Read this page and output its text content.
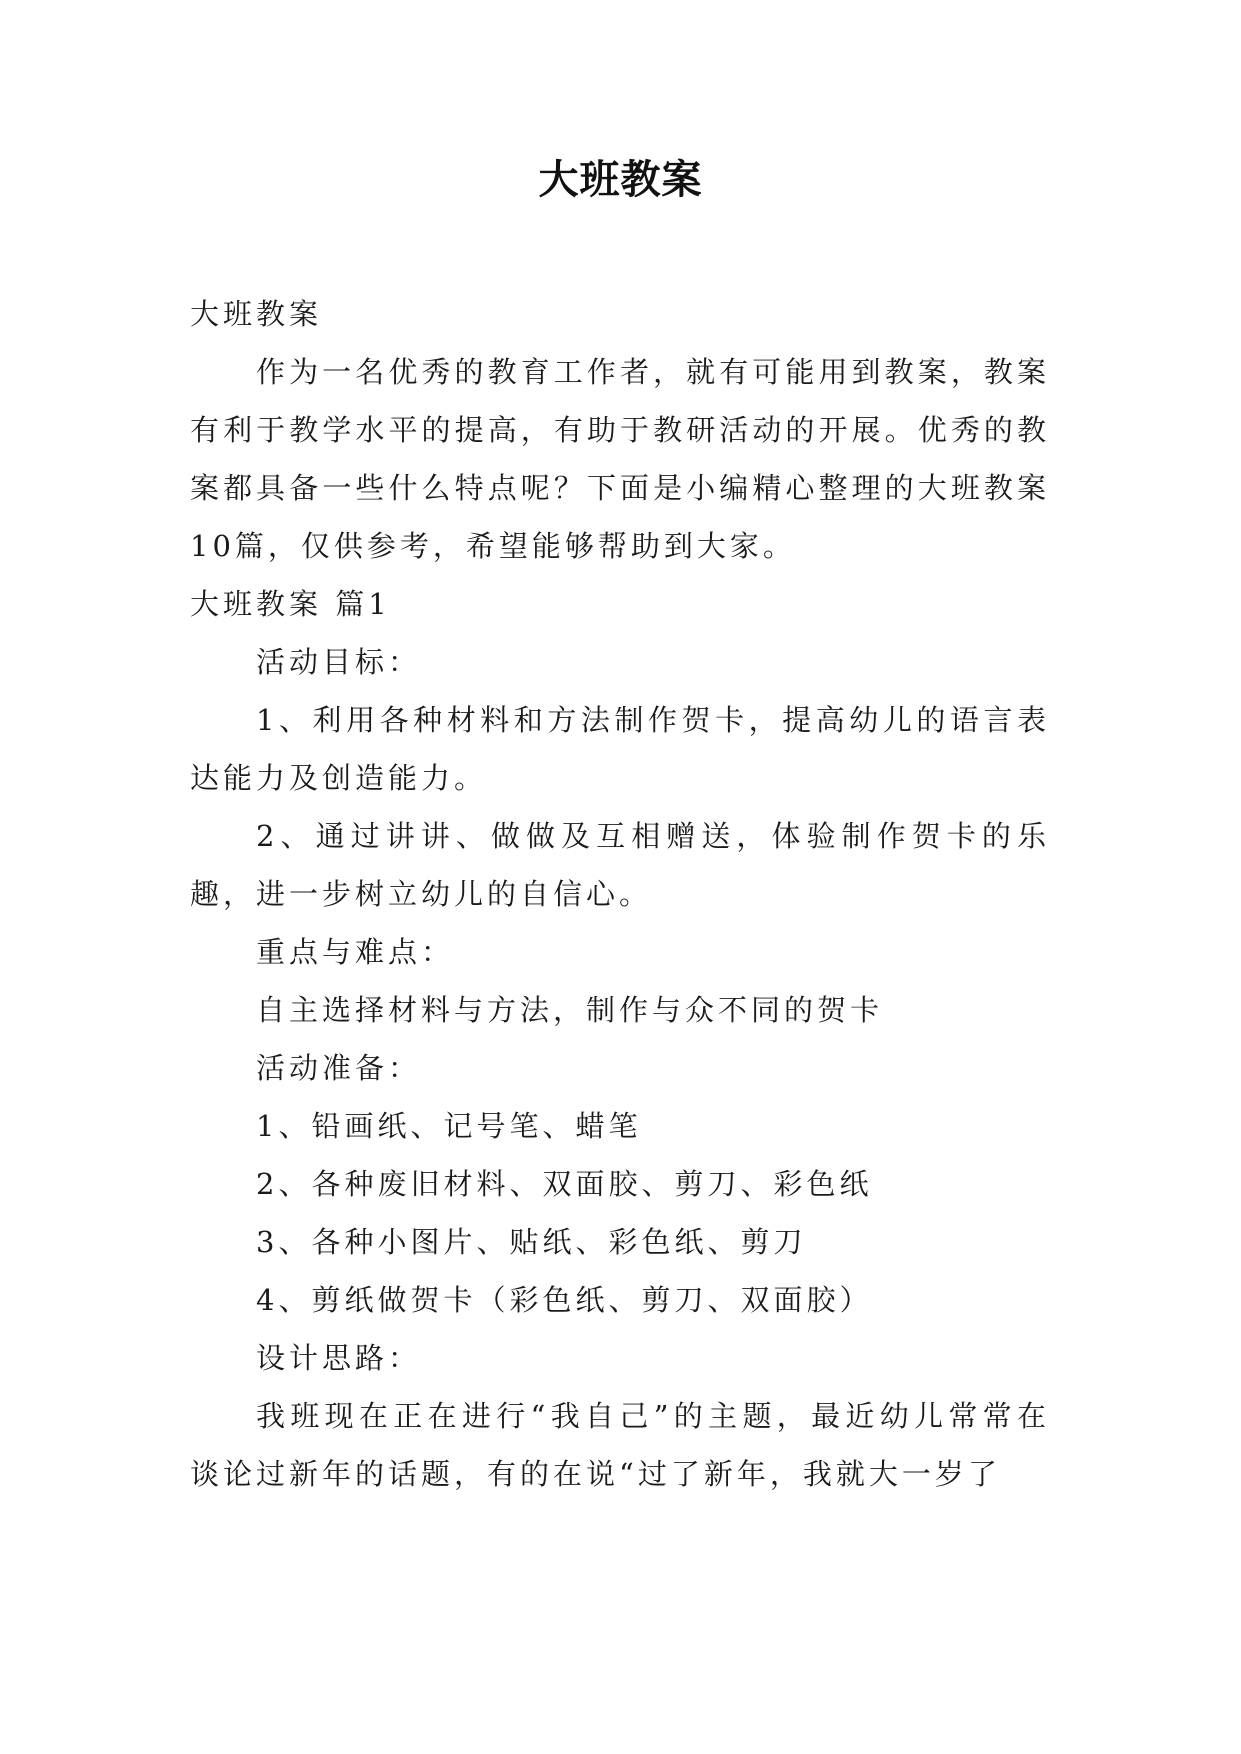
大班教案

大班教案

作为一名优秀的教育工作者，就有可能用到教案，教案有利于教学水平的提高，有助于教研活动的开展。优秀的教案都具备一些什么特点呢？下面是小编精心整理的大班教案10篇，仅供参考，希望能够帮助到大家。

大班教案 篇1

活动目标：

1、利用各种材料和方法制作贺卡，提高幼儿的语言表达能力及创造能力。

2、通过讲讲、做做及互相赠送，体验制作贺卡的乐趣，进一步树立幼儿的自信心。

重点与难点：

自主选择材料与方法，制作与众不同的贺卡

活动准备：

1、铅画纸、记号笔、蜡笔

2、各种废旧材料、双面胶、剪刀、彩色纸

3、各种小图片、贴纸、彩色纸、剪刀

4、剪纸做贺卡（彩色纸、剪刀、双面胶）

设计思路：

我班现在正在进行“我自己”的主题，最近幼儿常常在谈论过新年的话题，有的在说“过了新年，我就大一岁了
